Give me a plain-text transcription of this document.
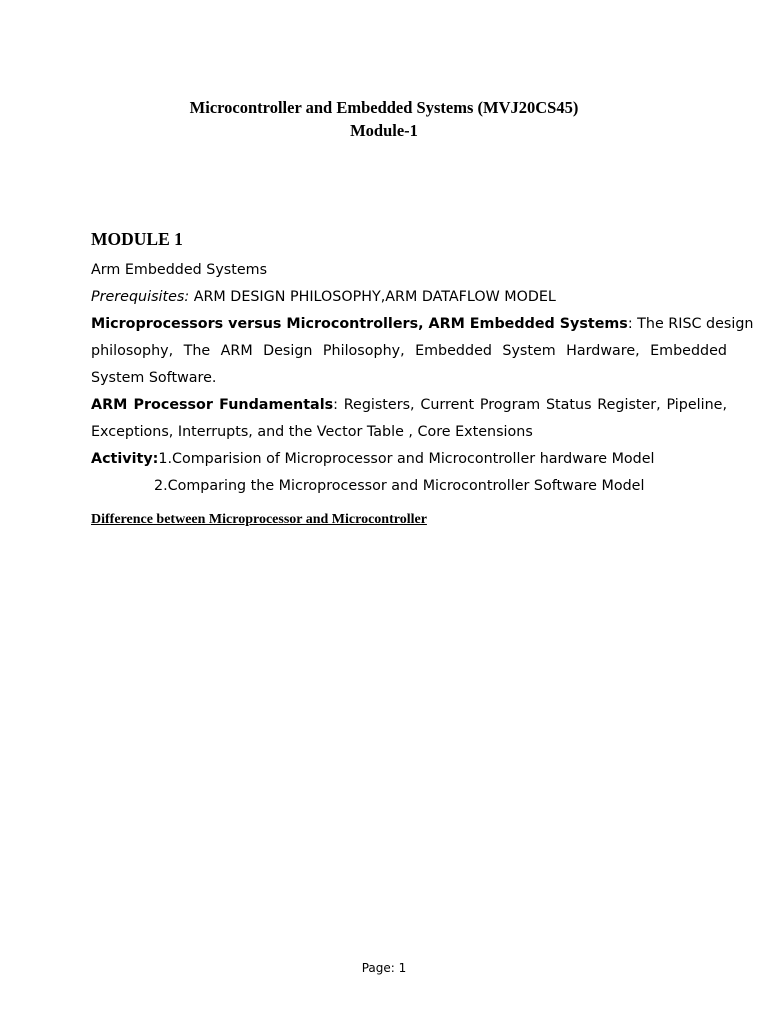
Microcontroller and Embedded Systems (MVJ20CS45)
Module-1
MODULE 1
Arm Embedded Systems
Prerequisites: ARM DESIGN PHILOSOPHY,ARM DATAFLOW MODEL
Microprocessors versus Microcontrollers, ARM Embedded Systems: The RISC design
philosophy, The ARM Design Philosophy, Embedded System Hardware, Embedded
System Software.
ARM Processor Fundamentals: Registers, Current Program Status Register, Pipeline,
Exceptions, Interrupts, and the Vector Table , Core Extensions
Activity:1.Comparision of Microprocessor and Microcontroller hardware Model
2.Comparing the Microprocessor and Microcontroller Software Model
Difference between Microprocessor and Microcontroller
Page: 1
